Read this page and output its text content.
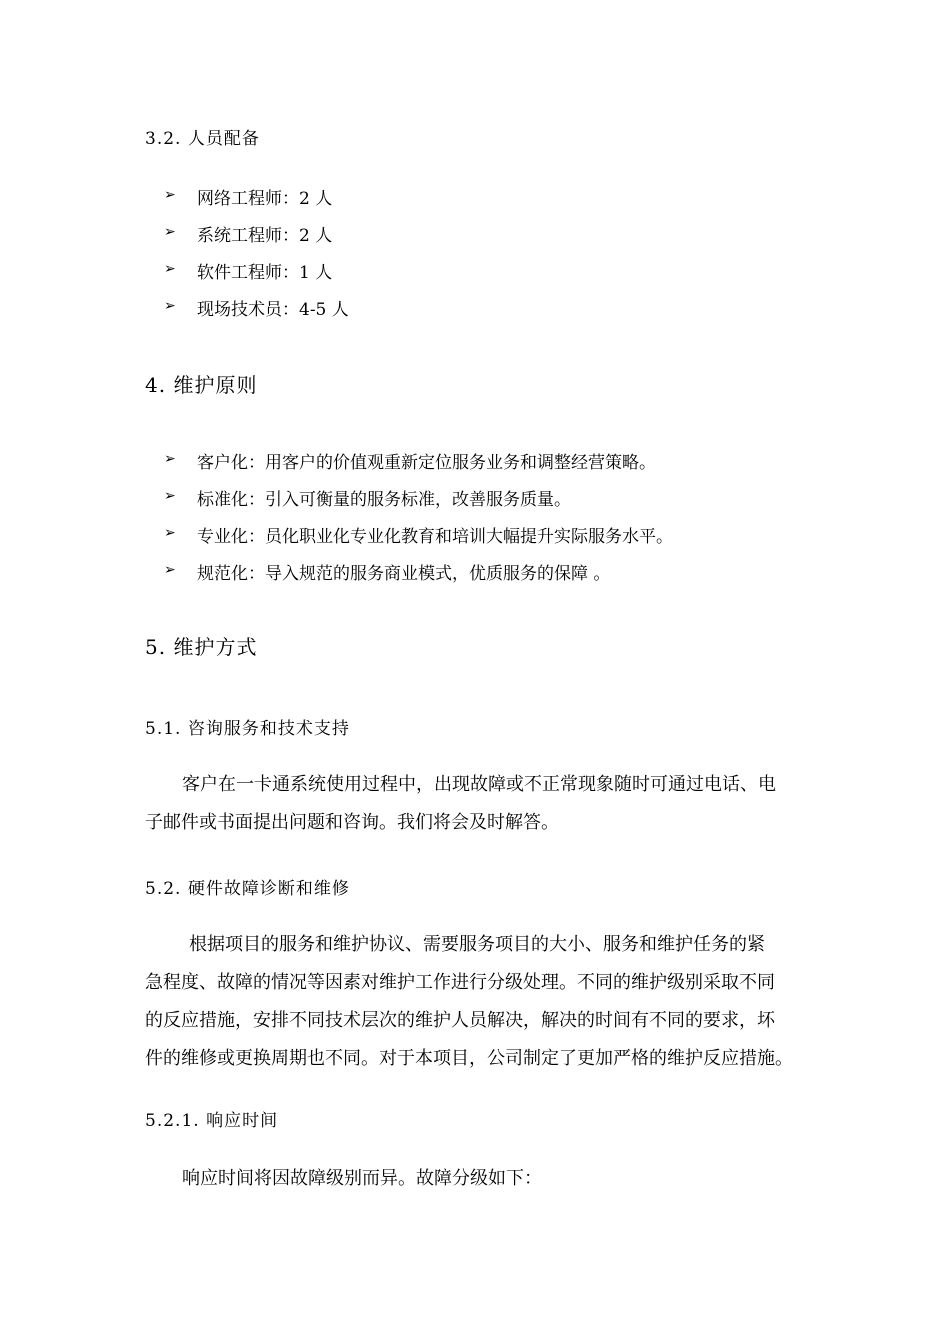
3.2. 人员配备
➢ 网络工程师：2 人
➢ 系统工程师：2 人
➢ 软件工程师：1 人
➢ 现场技术员：4-5 人
4. 维护原则
➢ 客户化：用客户的价值观重新定位服务业务和调整经营策略。
➢ 标准化：引入可衡量的服务标准，改善服务质量。
➢ 专业化：员化职业化专业化教育和培训大幅提升实际服务水平。
➢ 规范化：导入规范的服务商业模式，优质服务的保障 。
5. 维护方式
5.1. 咨询服务和技术支持

客户在一卡通系统使用过程中，出现故障或不正常现象随时可通过电话、电

子邮件或书面提出问题和咨询。我们将会及时解答。

5.2. 硬件故障诊断和维修

根据项目的服务和维护协议、需要服务项目的大小、服务和维护任务的紧

急程度、故障的情况等因素对维护工作进行分级处理。不同的维护级别采取不同

的反应措施，安排不同技术层次的维护人员解决，解决的时间有不同的要求，坏

件的维修或更换周期也不同。对于本项目，公司制定了更加严格的维护反应措施。

5.2.1. 响应时间

响应时间将因故障级别而异。故障分级如下：
